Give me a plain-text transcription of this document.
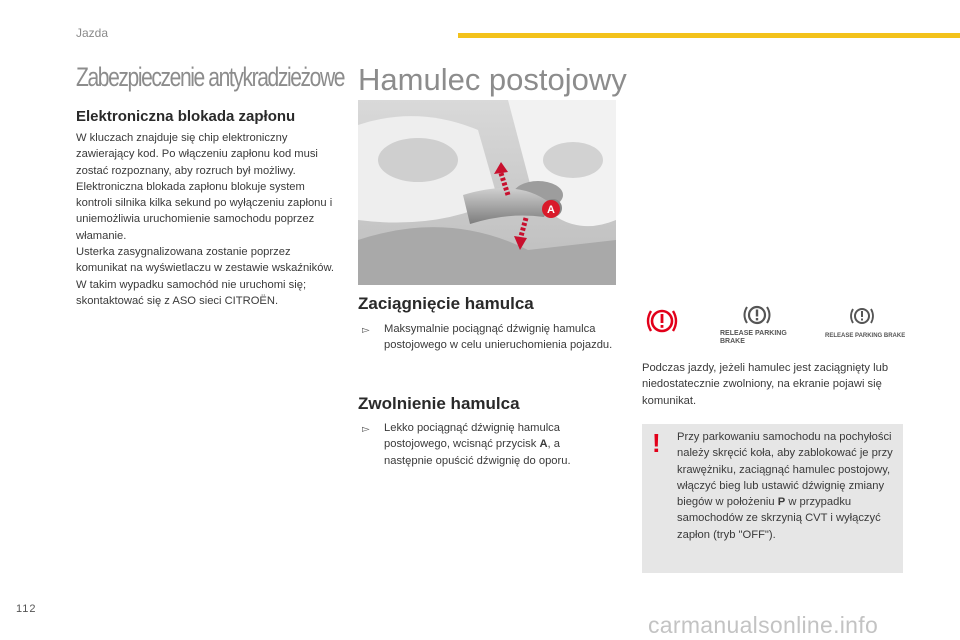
Jazda
Zabezpieczenie antykradzieżowe
Elektroniczna blokada zapłonu

W kluczach znajduje się chip elektroniczny zawierający kod. Po włączeniu zapłonu kod musi zostać rozpoznany, aby rozruch był możliwy.

Elektroniczna blokada zapłonu blokuje system kontroli silnika kilka sekund po wyłączeniu zapłonu i uniemożliwia uruchomienie samochodu poprzez włamanie.

Usterka zasygnalizowana zostanie poprzez komunikat na wyświetlaczu w zestawie wskaźników.

W takim wypadku samochód nie uruchomi się; skontaktować się z ASO sieci CITROËN.

Hamulec postojowy
A
Zaciągnięcie hamulca
▻	Maksymalnie pociągnąć dźwignię hamulca postojowego w celu unieruchomienia pojazdu.
Zwolnienie hamulca
▻	Lekko pociągnąć dźwignię hamulca postojowego, wcisnąć przycisk A, a następnie opuścić dźwignię do oporu.
RELEASE PARKING
BRAKE
RELEASE PARKING BRAKE
Podczas jazdy, jeżeli hamulec jest zaciągnięty lub niedostatecznie zwolniony, na ekranie pojawi się komunikat.
!	Przy parkowaniu samochodu na pochyłości należy skręcić koła, aby zablokować je przy krawężniku, zaciągnąć hamulec postojowy, włączyć bieg lub ustawić dźwignię zmiany biegów w położeniu P w przypadku samochodów ze skrzynią CVT i wyłączyć zapłon (tryb "OFF").
112
carmanualsonline.info
